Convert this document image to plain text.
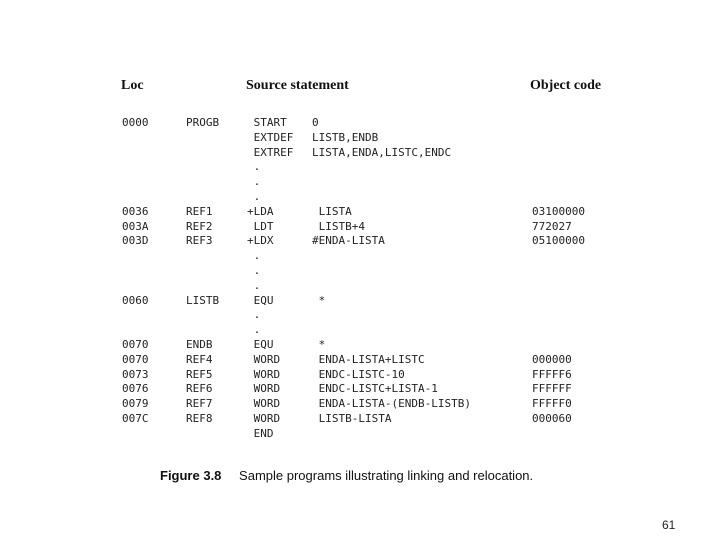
Loc	Source statement	Object code
0000	PROGB	START 0
EXTDEF LISTB,ENDB
EXTREF LISTA,ENDA,LISTC,ENDC
.
.
.
0036	REF1	+LDA	LISTA	03100000
003A	REF2	LDT	LISTB+4	772027
003D	REF3	+LDX	#ENDA-LISTA	05100000
.
.
.
0060	LISTB	EQU	*
.
.
0070	ENDB	EQU	*
0070	REF4	WORD	ENDA-LISTA+LISTC	000000
0073	REF5	WORD	ENDC-LISTC-10	FFFFF6
0076	REF6	WORD	ENDC-LISTC+LISTA-1	FFFFFF
0079	REF7	WORD	ENDA-LISTA-(ENDB-LISTB)	FFFFF0
007C	REF8	WORD	LISTB-LISTA	000060
END
Figure 3.8 Sample programs illustrating linking and relocation.
61
